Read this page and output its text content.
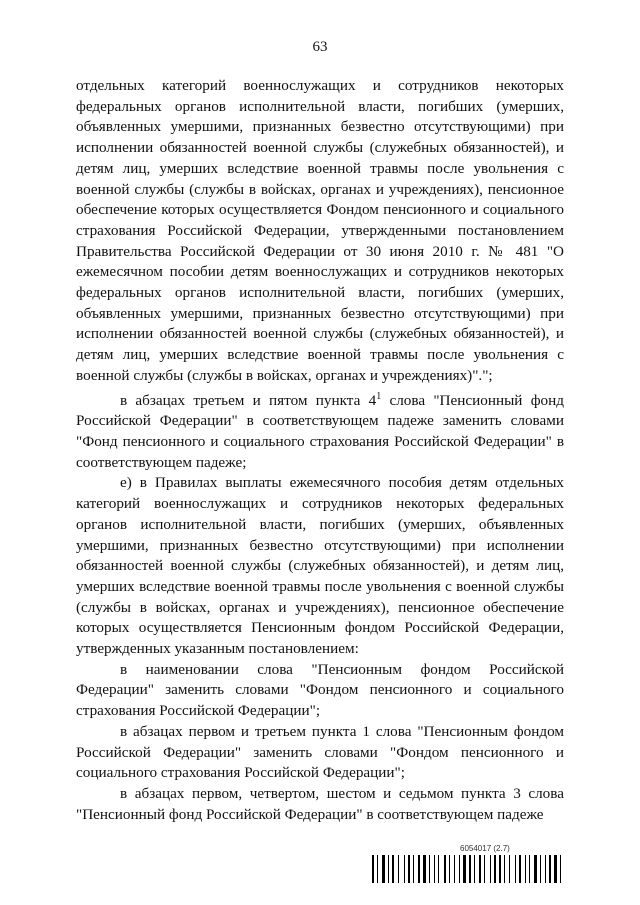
63

отдельных категорий военнослужащих и сотрудников некоторых федеральных органов исполнительной власти, погибших (умерших, объявленных умершими, признанных безвестно отсутствующими) при исполнении обязанностей военной службы (служебных обязанностей), и детям лиц, умерших вследствие военной травмы после увольнения с военной службы (службы в войсках, органах и учреждениях), пенсионное обеспечение которых осуществляется Фондом пенсионного и социального страхования Российской Федерации, утвержденными постановлением Правительства Российской Федерации от 30 июня 2010 г. № 481 "О ежемесячном пособии детям военнослужащих и сотрудников некоторых федеральных органов исполнительной власти, погибших (умерших, объявленных умершими, признанных безвестно отсутствующими) при исполнении обязанностей военной службы (служебных обязанностей), и детям лиц, умерших вследствие военной травмы после увольнения с военной службы (службы в войсках, органах и учреждениях)".";

в абзацах третьем и пятом пункта $4^1$ слова "Пенсионный фонд Российской Федерации" в соответствующем падеже заменить словами "Фонд пенсионного и социального страхования Российской Федерации" в соответствующем падеже;

е) в Правилах выплаты ежемесячного пособия детям отдельных категорий военнослужащих и сотрудников некоторых федеральных органов исполнительной власти, погибших (умерших, объявленных умершими, признанных безвестно отсутствующими) при исполнении обязанностей военной службы (служебных обязанностей), и детям лиц, умерших вследствие военной травмы после увольнения с военной службы (службы в войсках, органах и учреждениях), пенсионное обеспечение которых осуществляется Пенсионным фондом Российской Федерации, утвержденных указанным постановлением:

в наименовании слова "Пенсионным фондом Российской Федерации" заменить словами "Фондом пенсионного и социального страхования Российской Федерации";

в абзацах первом и третьем пункта 1 слова "Пенсионным фондом Российской Федерации" заменить словами "Фондом пенсионного и социального страхования Российской Федерации";

в абзацах первом, четвертом, шестом и седьмом пункта 3 слова "Пенсионный фонд Российской Федерации" в соответствующем падеже

6054017 (2.7)
